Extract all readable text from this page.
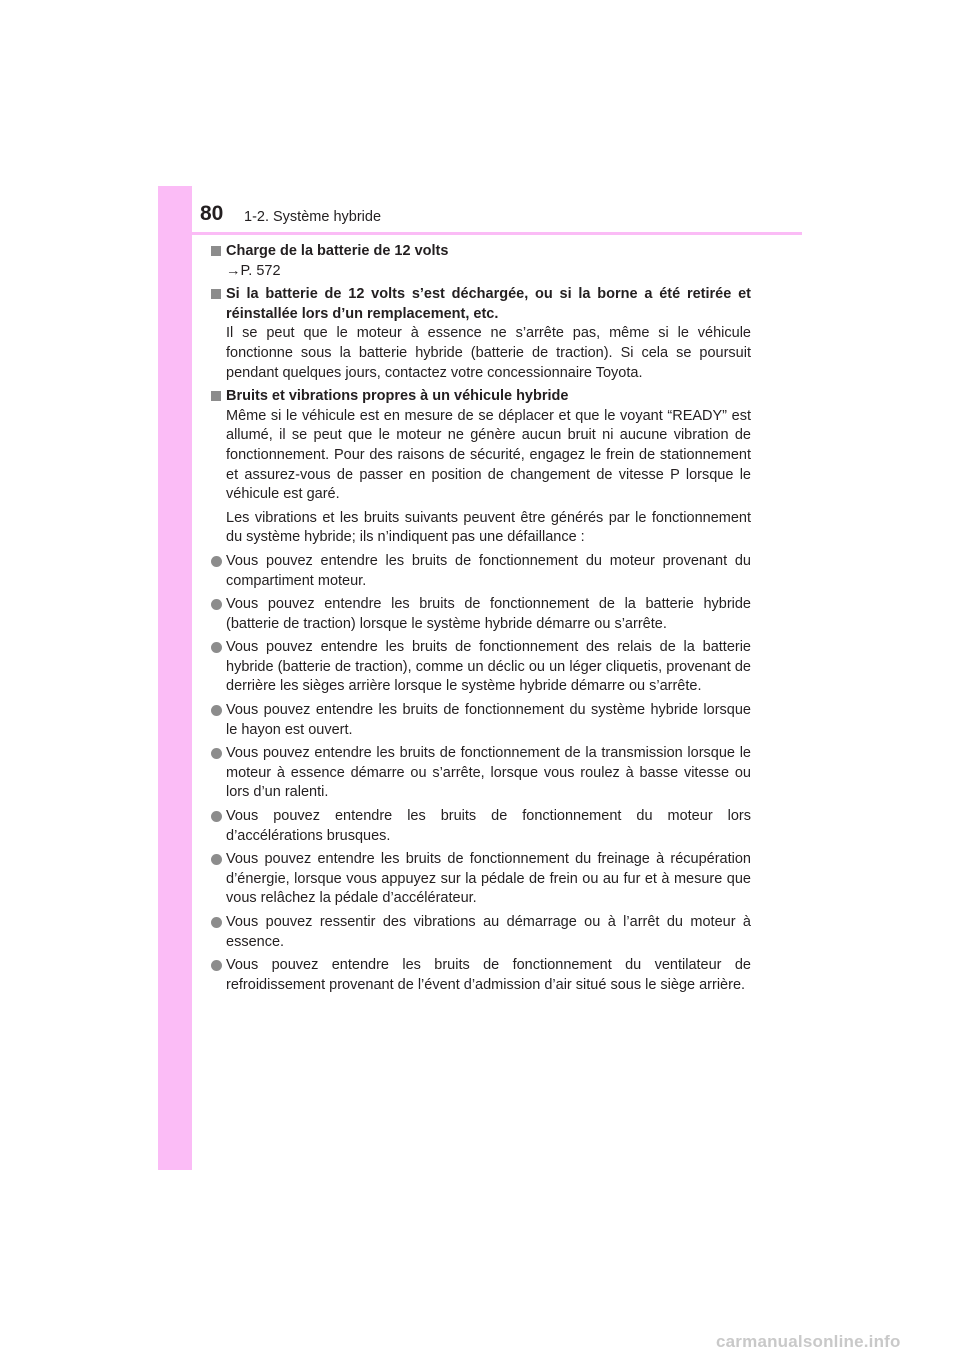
80 1-2. Système hybride
Charge de la batterie de 12 volts
→P. 572
Si la batterie de 12 volts s’est déchargée, ou si la borne a été retirée et réinstallée lors d’un remplacement, etc.

Il se peut que le moteur à essence ne s’arrête pas, même si le véhicule fonctionne sous la batterie hybride (batterie de traction). Si cela se poursuit pendant quelques jours, contactez votre concessionnaire Toyota.

Bruits et vibrations propres à un véhicule hybride

Même si le véhicule est en mesure de se déplacer et que le voyant “READY” est allumé, il se peut que le moteur ne génère aucun bruit ni aucune vibration de fonctionnement. Pour des raisons de sécurité, engagez le frein de stationnement et assurez-vous de passer en position de changement de vitesse P lorsque le véhicule est garé.

Les vibrations et les bruits suivants peuvent être générés par le fonctionnement du système hybride; ils n’indiquent pas une défaillance :

Vous pouvez entendre les bruits de fonctionnement du moteur provenant du compartiment moteur.
Vous pouvez entendre les bruits de fonctionnement de la batterie hybride (batterie de traction) lorsque le système hybride démarre ou s’arrête.
Vous pouvez entendre les bruits de fonctionnement des relais de la batterie hybride (batterie de traction), comme un déclic ou un léger cliquetis, provenant de derrière les sièges arrière lorsque le système hybride démarre ou s’arrête.
Vous pouvez entendre les bruits de fonctionnement du système hybride lorsque le hayon est ouvert.
Vous pouvez entendre les bruits de fonctionnement de la transmission lorsque le moteur à essence démarre ou s’arrête, lorsque vous roulez à basse vitesse ou lors d’un ralenti.
Vous pouvez entendre les bruits de fonctionnement du moteur lors d’accélérations brusques.
Vous pouvez entendre les bruits de fonctionnement du freinage à récupération d’énergie, lorsque vous appuyez sur la pédale de frein ou au fur et à mesure que vous relâchez la pédale d’accélérateur.
Vous pouvez ressentir des vibrations au démarrage ou à l’arrêt du moteur à essence.
Vous pouvez entendre les bruits de fonctionnement du ventilateur de refroidissement provenant de l’évent d’admission d’air situé sous le siège arrière.
carmanualsonline.info
